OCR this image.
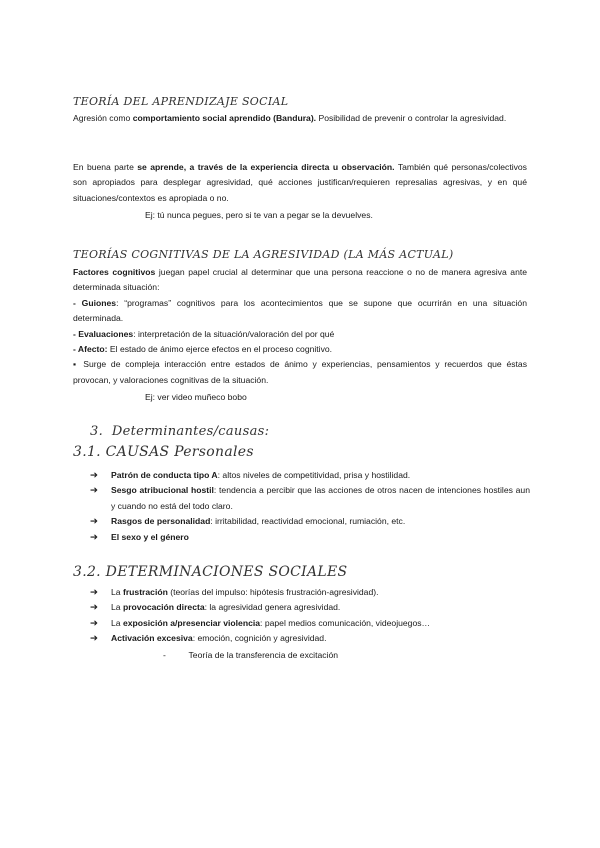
TEORÍA DEL APRENDIZAJE SOCIAL
Agresión como comportamiento social aprendido (Bandura). Posibilidad de prevenir o controlar la agresividad.
En buena parte se aprende, a través de la experiencia directa u observación. También qué personas/colectivos son apropiados para desplegar agresividad, qué acciones justifican/requieren represalias agresivas, y en qué situaciones/contextos es apropiada o no.
Ej: tú nunca pegues, pero si te van a pegar se la devuelves.
TEORÍAS COGNITIVAS DE LA AGRESIVIDAD (LA MÁS ACTUAL)
Factores cognitivos juegan papel crucial al determinar que una persona reaccione o no de manera agresiva ante determinada situación:
- Guiones: “programas” cognitivos para los acontecimientos que se supone que ocurrirán en una situación determinada.
- Evaluaciones: interpretación de la situación/valoración del por qué
- Afecto: El estado de ánimo ejerce efectos en el proceso cognitivo.
▪ Surge de compleja interacción entre estados de ánimo y experiencias, pensamientos y recuerdos que éstas provocan, y valoraciones cognitivas de la situación.
Ej: ver video muñeco bobo
3. Determinantes/causas:
3.1. CAUSAS Personales
➔ Patrón de conducta tipo A: altos niveles de competitividad, prisa y hostilidad.
➔ Sesgo atribucional hostil: tendencia a percibir que las acciones de otros nacen de intenciones hostiles aun y cuando no está del todo claro.
➔ Rasgos de personalidad: irritabilidad, reactividad emocional, rumiación, etc.
➔ El sexo y el género
3.2. DETERMINACIONES SOCIALES
➔ La frustración (teorías del impulso: hipótesis frustración-agresividad).
➔ La provocación directa: la agresividad genera agresividad.
➔ La exposición a/presenciar violencia: papel medios comunicación, videojuegos…
➔ Activación excesiva: emoción, cognición y agresividad.
-	Teoría de la transferencia de excitación
